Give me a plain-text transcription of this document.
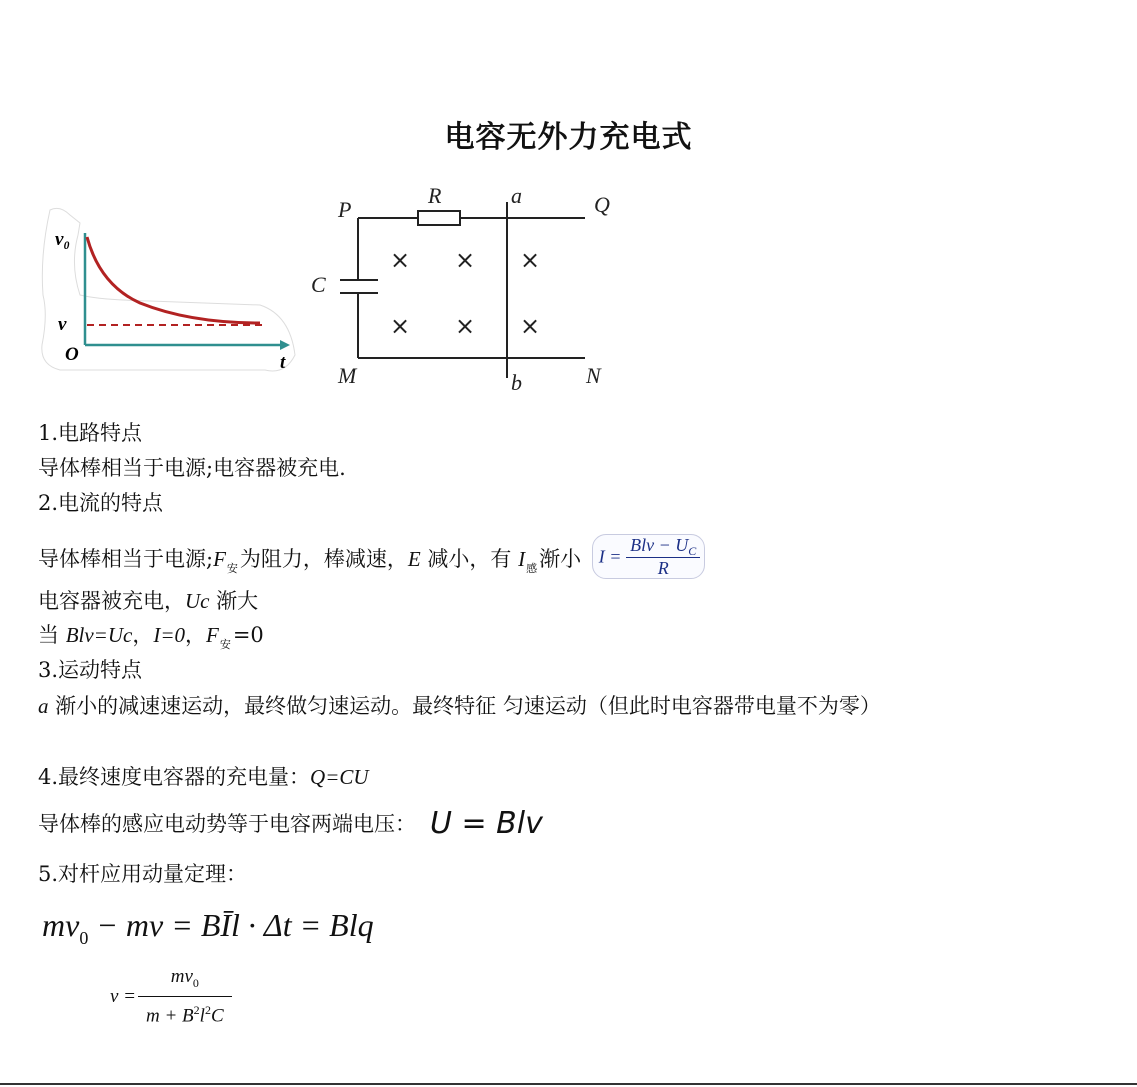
电容无外力充电式
v₀
v
O	t
× × ×
× × ×
P
R	a	Q
C
M	b	N
1.电路特点
导体棒相当于电源;电容器被充电.
2.电流的特点
导体棒相当于电源$;F_安$为阻力，棒减速，E 减小，有 $I_感$渐小 $I = \frac{Blv - U_C}{R}$
电容器被充电，Uc 渐大
当 Blv=Uc，I=0，$F_安=0$
3.运动特点
a 渐小的减速速运动，最终做匀速运动。最终特征 匀速运动（但此时电容器带电量不为零）
4.最终速度电容器的充电量：Q=CU
导体棒的感应电动势等于电容两端电压： U = Blv
5.对杆应用动量定理：
$mv_0$ − mv = BĪl · Δt = Blq
$v = \frac{mv_0}{m + B^2l^2C}$
